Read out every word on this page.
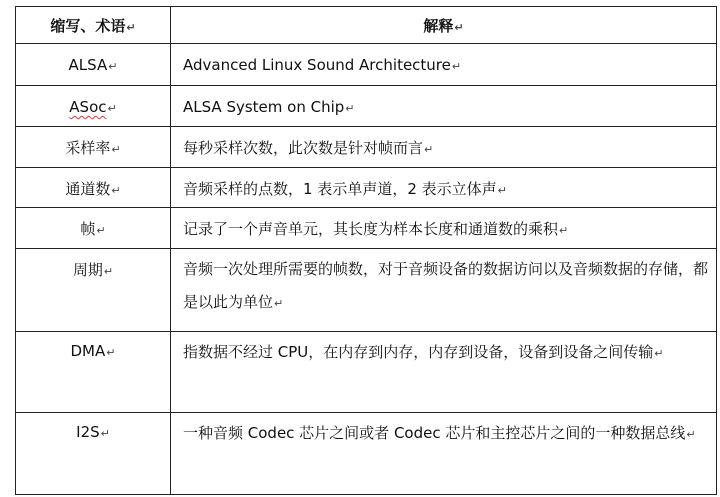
缩写、术语↵	解释↵

ALSA↵	Advanced Linux Sound Architecture↵

ASoc↵	ALSA System on Chip↵

采样率↵	每秒采样次数，此次数是针对帧而言↵

通道数↵	音频采样的点数，1 表示单声道，2 表示立体声↵

帧↵	记录了一个声音单元，其长度为样本长度和通道数的乘积↵

周期↵	音频一次处理所需要的帧数，对于音频设备的数据访问以及音频数据的存储，都是以此为单位↵

DMA↵	指数据不经过 CPU，在内存到内存，内存到设备，设备到设备之间传输↵

I2S↵	一种音频 Codec 芯片之间或者 Codec 芯片和主控芯片之间的一种数据总线↵
